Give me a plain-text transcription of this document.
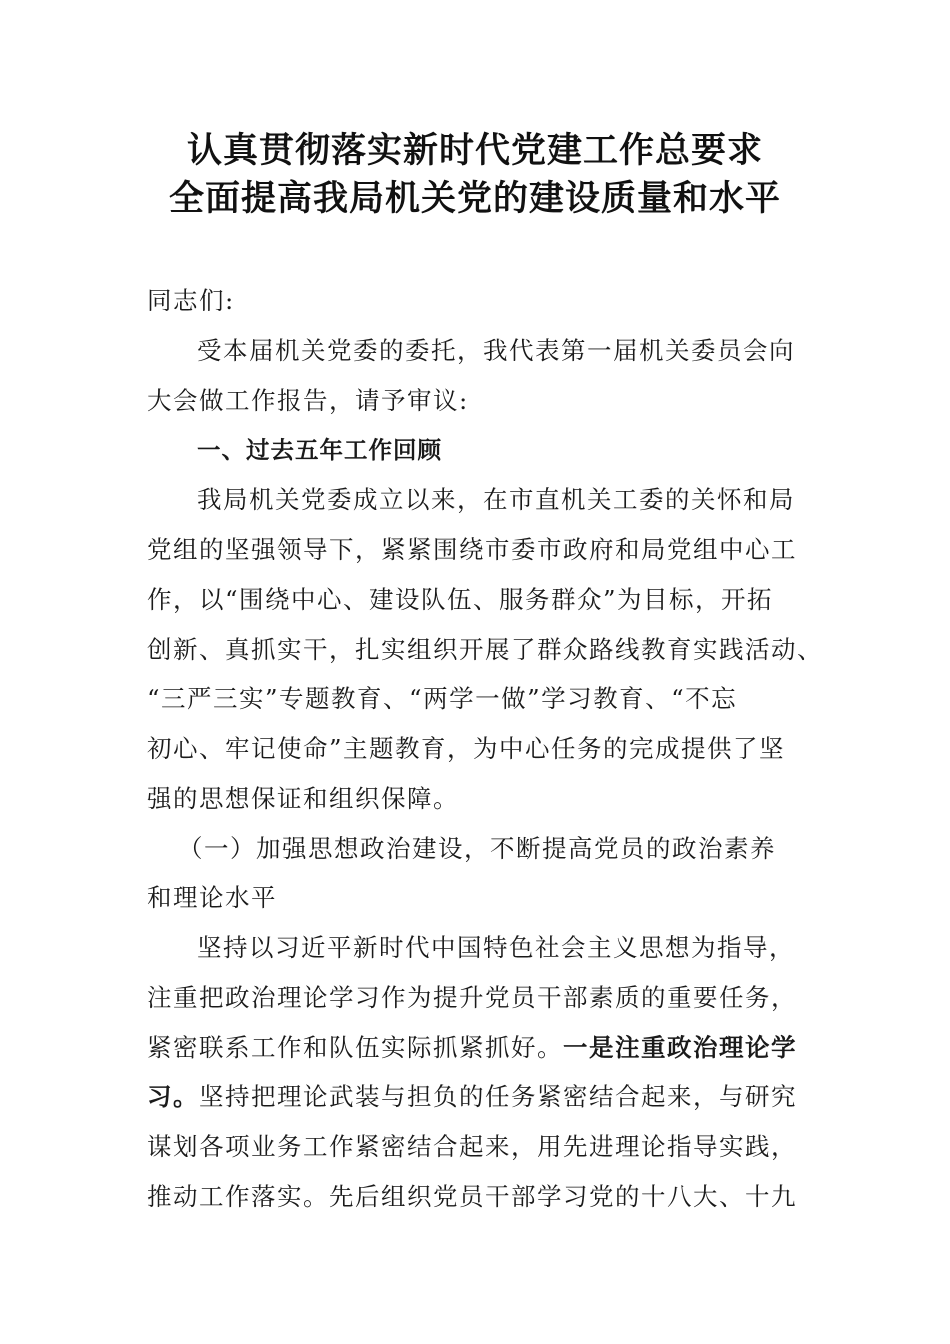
认真贯彻落实新时代党建工作总要求
全面提高我局机关党的建设质量和水平
同志们:
受本届机关党委的委托，我代表第一届机关委员会向
大会做工作报告，请予审议:
一、过去五年工作回顾
我局机关党委成立以来，在市直机关工委的关怀和局
党组的坚强领导下，紧紧围绕市委市政府和局党组中心工
作，以“围绕中心、建设队伍、服务群众”为目标，开拓
创新、真抓实干，扎实组织开展了群众路线教育实践活动、
“三严三实”专题教育、“两学一做”学习教育、“不忘
初心、牢记使命”主题教育，为中心任务的完成提供了坚
强的思想保证和组织保障。
（一）加强思想政治建设，不断提高党员的政治素养
和理论水平
坚持以习近平新时代中国特色社会主义思想为指导，
注重把政治理论学习作为提升党员干部素质的重要任务，
紧密联系工作和队伍实际抓紧抓好。一是注重政治理论学
习。坚持把理论武装与担负的任务紧密结合起来，与研究
谋划各项业务工作紧密结合起来，用先进理论指导实践，
推动工作落实。先后组织党员干部学习党的十八大、十九
